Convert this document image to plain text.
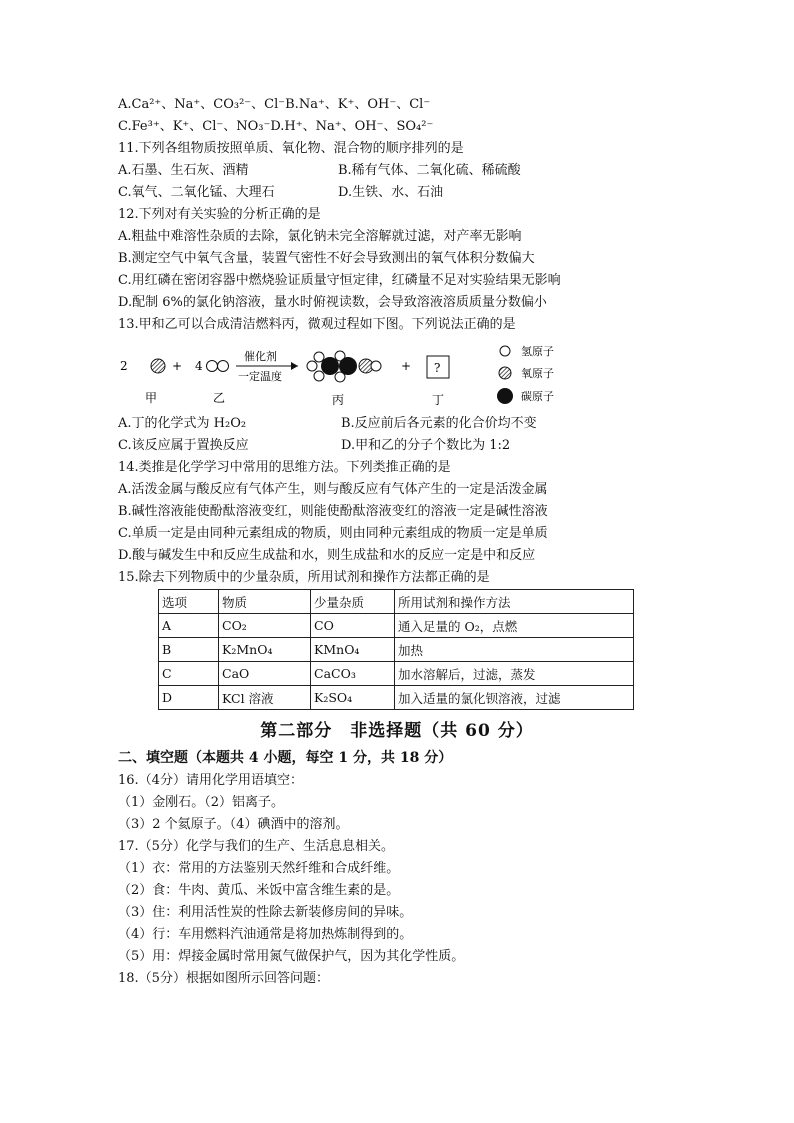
A.Ca²⁺、Na⁺、CO₃²⁻、Cl⁻B.Na⁺、K⁺、OH⁻、Cl⁻
C.Fe³⁺、K⁺、Cl⁻、NO₃⁻D.H⁺、Na⁺、OH⁻、SO₄²⁻
11.下列各组物质按照单质、氧化物、混合物的顺序排列的是
A.石墨、生石灰、酒精	B.稀有气体、二氧化硫、稀硫酸
C.氧气、二氧化锰、大理石	D.生铁、水、石油
12.下列对有关实验的分析正确的是
A.粗盐中难溶性杂质的去除，氯化钠未完全溶解就过滤，对产率无影响
B.测定空气中氧气含量，装置气密性不好会导致测出的氧气体积分数偏大
C.用红磷在密闭容器中燃烧验证质量守恒定律，红磷量不足对实验结果无影响
D.配制 6%的氯化钠溶液，量水时俯视读数，会导致溶液溶质质量分数偏小
13.甲和乙可以合成清洁燃料丙，微观过程如下图。下列说法正确的是
2	+ 4
催化剂
一定温度
+ ?
甲	乙	丙	丁
氢原子
氧原子
碳原子
A.丁的化学式为 H₂O₂	B.反应前后各元素的化合价均不变
C.该反应属于置换反应	D.甲和乙的分子个数比为 1:2
14.类推是化学学习中常用的思维方法。下列类推正确的是
A.活泼金属与酸反应有气体产生，则与酸反应有气体产生的一定是活泼金属
B.碱性溶液能使酚酞溶液变红，则能使酚酞溶液变红的溶液一定是碱性溶液
C.单质一定是由同种元素组成的物质，则由同种元素组成的物质一定是单质
D.酸与碱发生中和反应生成盐和水，则生成盐和水的反应一定是中和反应
15.除去下列物质中的少量杂质，所用试剂和操作方法都正确的是
选项	物质	少量杂质	所用试剂和操作方法
A	CO₂	CO	通入足量的 O₂，点燃
B	K₂MnO₄	KMnO₄	加热
C	CaO	CaCO₃	加水溶解后，过滤，蒸发
D	KCl 溶液	K₂SO₄	加入适量的氯化钡溶液，过滤
第二部分　非选择题（共 60 分）
二、填空题（本题共 4 小题，每空 1 分，共 18 分）
16.（4分）请用化学用语填空：
（1）金刚石。（2）铝离子。
（3）2 个氦原子。（4）碘酒中的溶剂。
17.（5分）化学与我们的生产、生活息息相关。
（1）衣：常用的方法鉴别天然纤维和合成纤维。
（2）食：牛肉、黄瓜、米饭中富含维生素的是。
（3）住：利用活性炭的性除去新装修房间的异味。
（4）行：车用燃料汽油通常是将加热炼制得到的。
（5）用：焊接金属时常用氮气做保护气，因为其化学性质。
18.（5分）根据如图所示回答问题：
